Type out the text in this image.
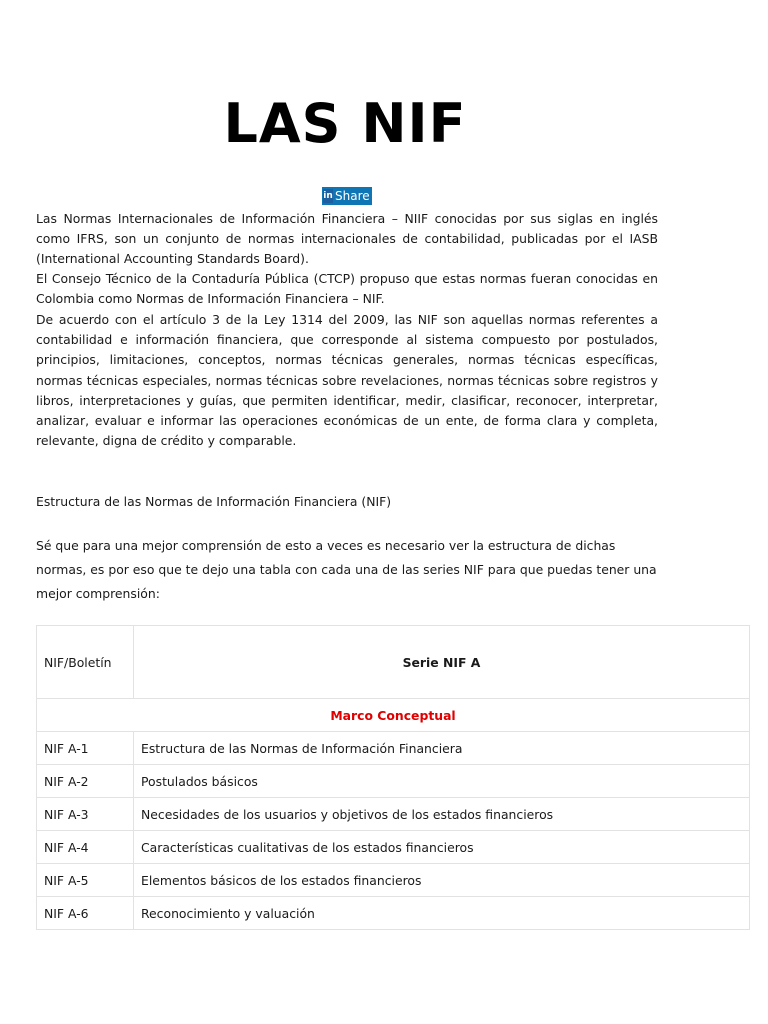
LAS NIF
in Share

Las Normas Internacionales de Información Financiera – NIIF conocidas por sus siglas en inglés como IFRS, son un conjunto de normas internacionales de contabilidad, publicadas por el IASB (International Accounting Standards Board).

El Consejo Técnico de la Contaduría Pública (CTCP) propuso que estas normas fueran conocidas en Colombia como Normas de Información Financiera – NIF.

De acuerdo con el artículo 3 de la Ley 1314 del 2009, las NIF son aquellas normas referentes a contabilidad e información financiera, que corresponde al sistema compuesto por postulados, principios, limitaciones, conceptos, normas técnicas generales, normas técnicas específicas, normas técnicas especiales, normas técnicas sobre revelaciones, normas técnicas sobre registros y libros, interpretaciones y guías, que permiten identificar, medir, clasificar, reconocer, interpretar, analizar, evaluar e informar las operaciones económicas de un ente, de forma clara y completa, relevante, digna de crédito y comparable.

Estructura de las Normas de Información Financiera (NIF)

Sé que para una mejor comprensión de esto a veces es necesario ver la estructura de dichas normas, es por eso que te dejo una tabla con cada una de las series NIF para que puedas tener una mejor comprensión:

NIF/Boletín	Serie NIF A
Marco Conceptual	
NIF A-1	Estructura de las Normas de Información Financiera
NIF A-2	Postulados básicos
NIF A-3	Necesidades de los usuarios y objetivos de los estados financieros
NIF A-4	Características cualitativas de los estados financieros
NIF A-5	Elementos básicos de los estados financieros
NIF A-6	Reconocimiento y valuación
